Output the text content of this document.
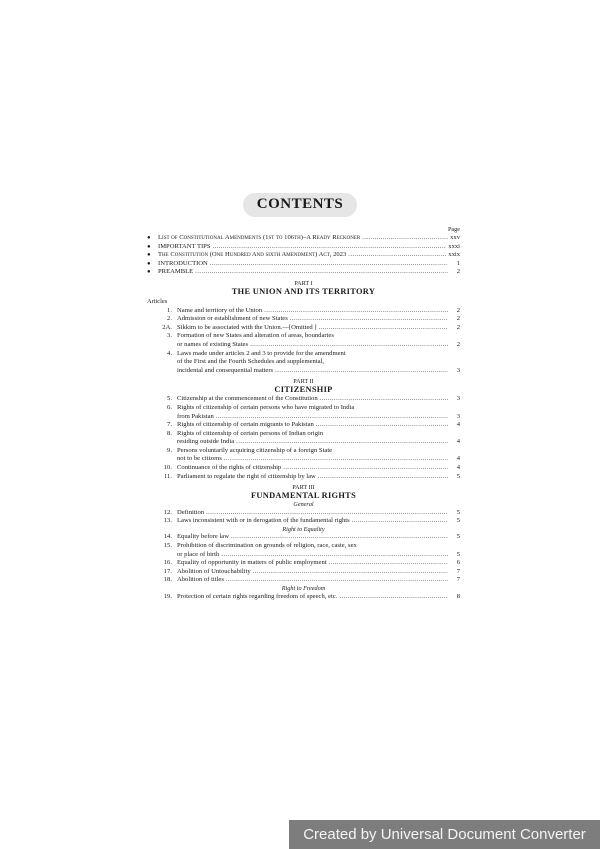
CONTENTS
Page
●	List of Constitutional Amendments (1st to 106th)–A Ready Reckoner .....	xxv
●	IMPORTANT TIPS .....	xxxi
●	The Constitution (One Hundred And sixth Amendment) Act, 2023 .....	xxix
●	INTRODUCTION .....	1
●	PREAMBLE .....	2
PART I
THE UNION AND ITS TERRITORY
Articles
1. Name and territory of the Union .....	2
2. Admission or establishment of new States .....	2
2A. Sikkim to be associated with the Union.—[Omitted ] .....	2
3. Formation of new States and alteration of areas, boundaries
or names of existing States .....	2
4. Laws made under articles 2 and 3 to provide for the amendment
of the First and the Fourth Schedules and supplemental,
incidental and consequential matters .....	3
PART II
CITIZENSHIP
5. Citizenship at the commencement of the Constitution .....	3
6. Rights of citizenship of certain persons who have migrated to India
from Pakistan .....	3
7. Rights of citizenship of certain migrants to Pakistan .....	4
8. Rights of citizenship of certain persons of Indian origin
residing outside India .....	4
9. Persons voluntarily acquiring citizenship of a foreign State
not to be citizens .....	4
10. Continuance of the rights of citizenship .....	4
11. Parliament to regulate the right of citizenship by law .....	5
PART III
FUNDAMENTAL RIGHTS
General
12. Definition .....	5
13. Laws inconsistent with or in derogation of the fundamental rights .....	5
Right to Equality
14. Equality before law .....	5
15. Prohibition of discrimination on grounds of religion, race, caste, sex
or place of birth .....	5
16. Equality of opportunity in matters of public employment .....	6
17. Abolition of Untouchability .....	7
18. Abolition of titles .....	7
Right to Freedom
19. Protection of certain rights regarding freedom of speech, etc. .....	8
Created by Universal Document Converter
